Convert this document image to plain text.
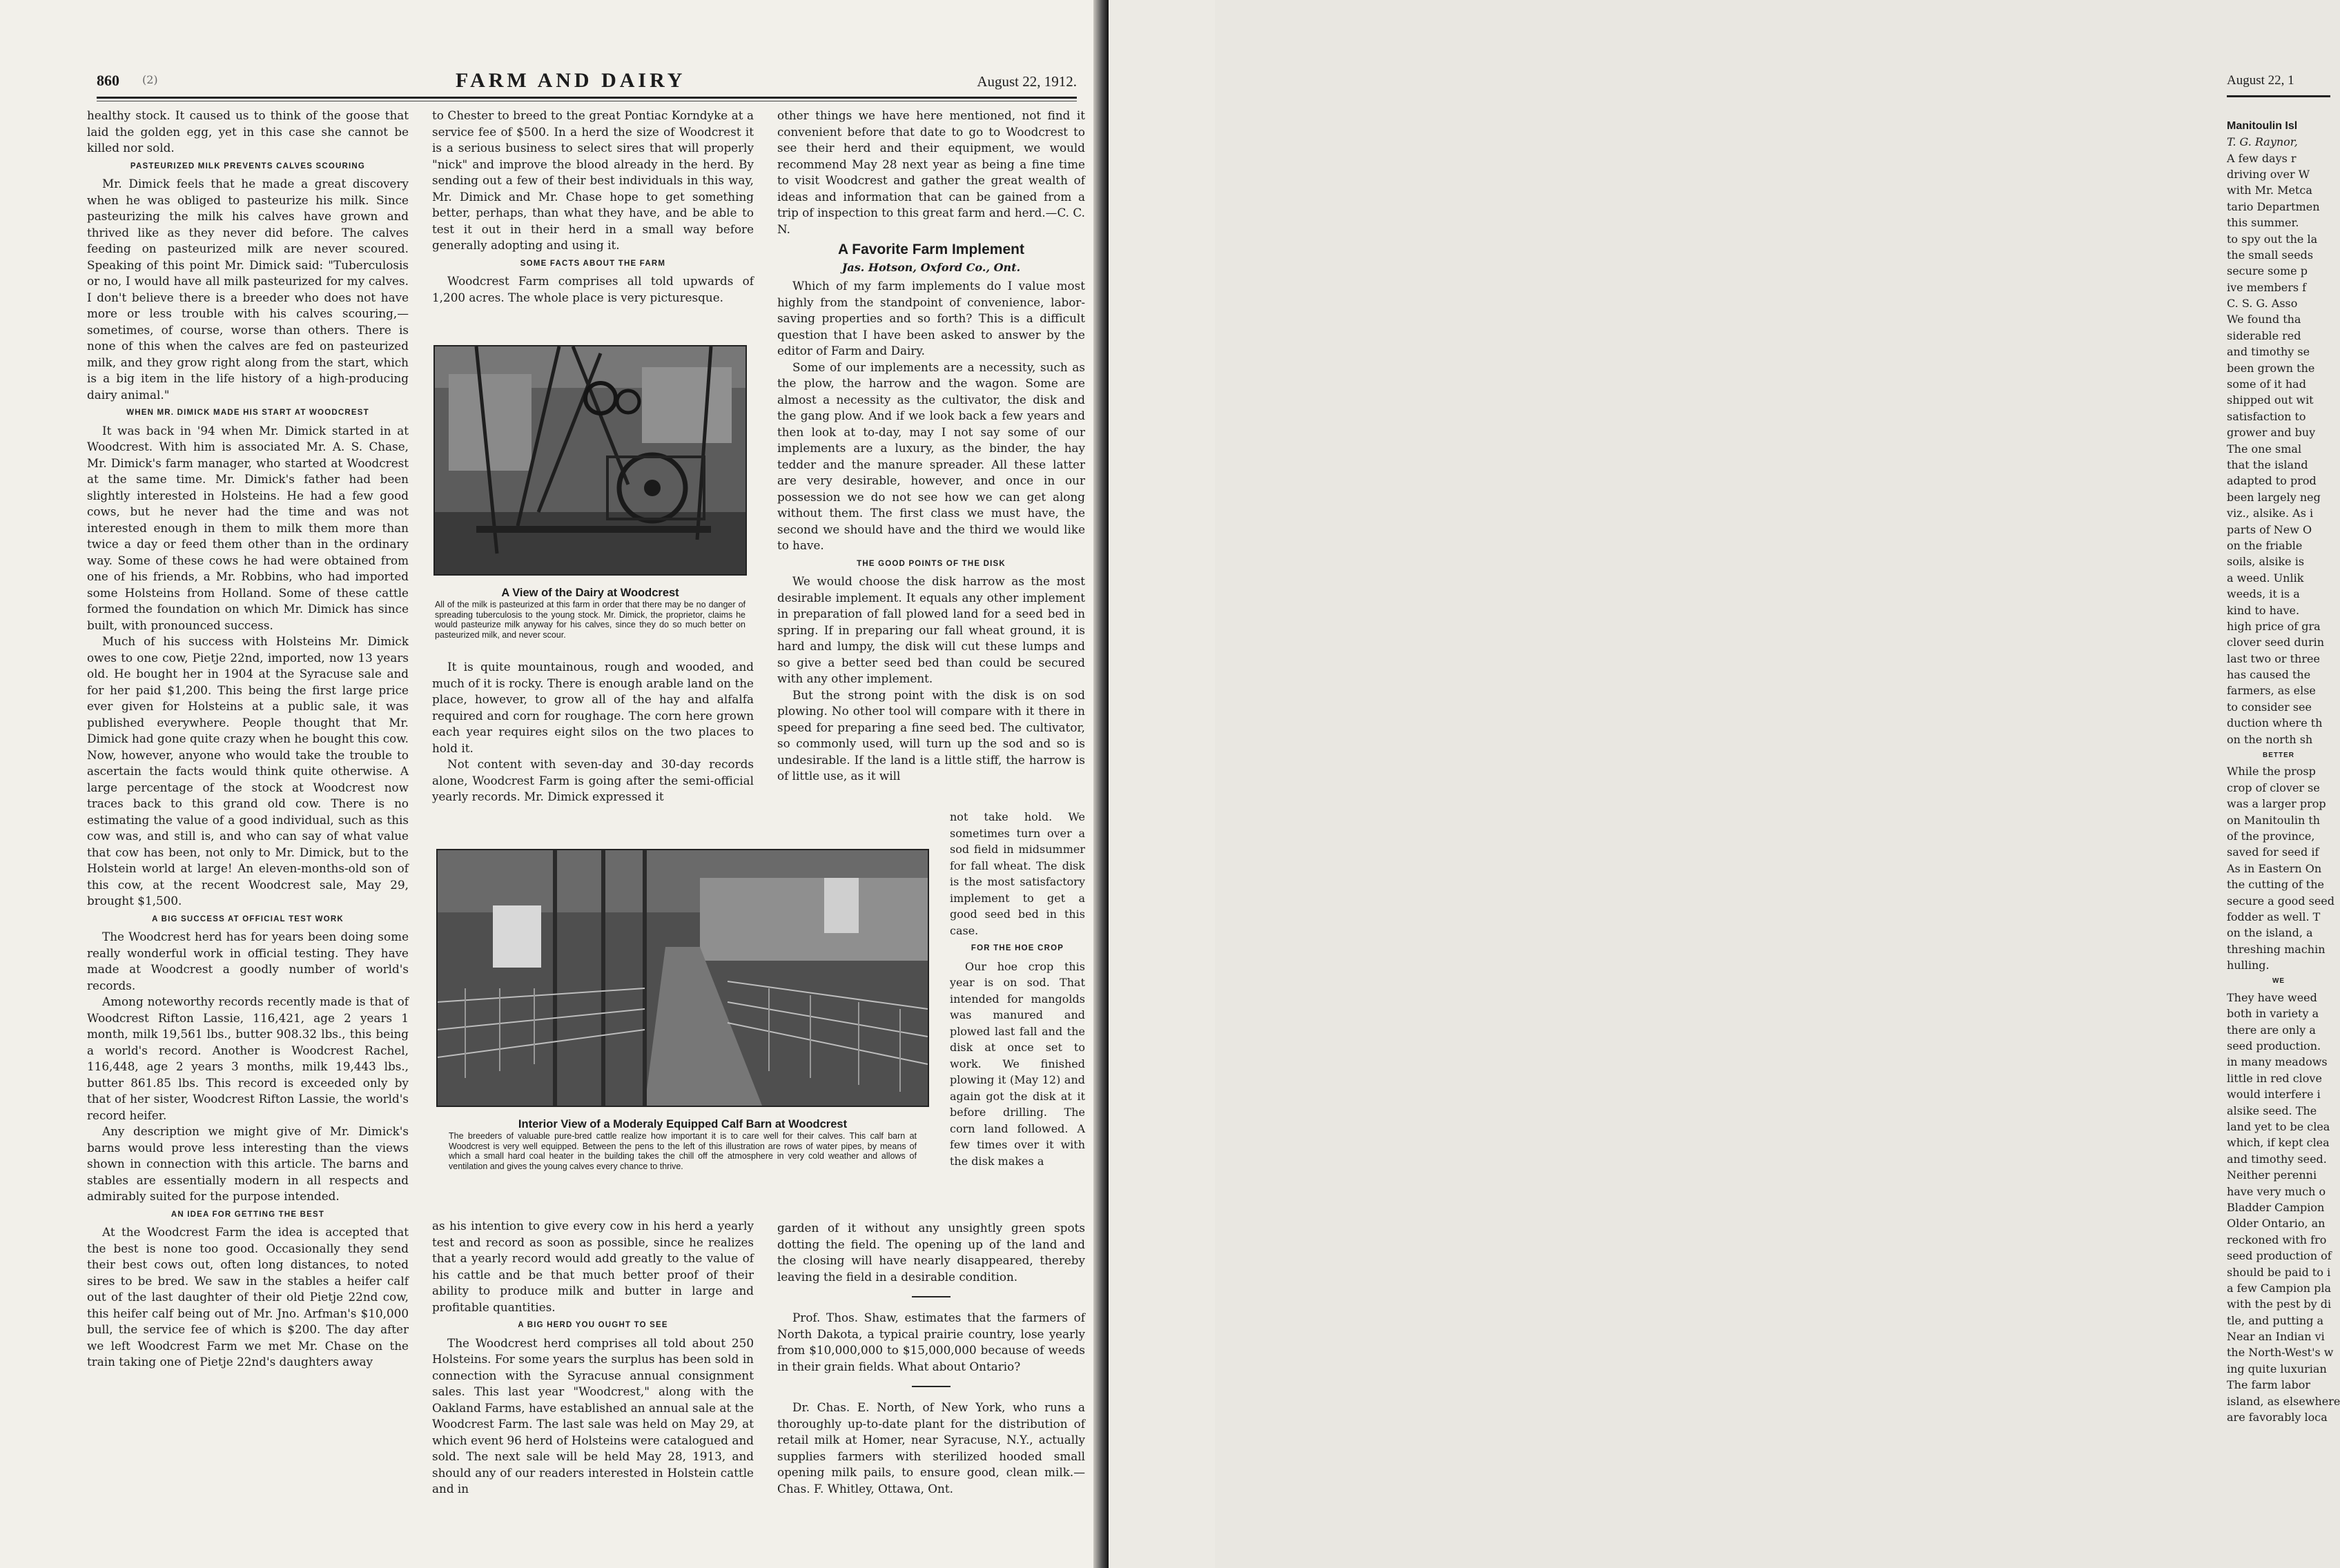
860 (2)	FARM AND DAIRY	August 22, 1912.

healthy stock. It caused us to think of the goose that laid the golden egg, yet in this case she cannot be killed nor sold.

PASTEURIZED MILK PREVENTS CALVES SCOURING

Mr. Dimick feels that he made a great discovery when he was obliged to pasteurize his milk. Since pasteurizing the milk his calves have grown and thrived like as they never did before. The calves feeding on pasteurized milk are never scoured. Speaking of this point Mr. Dimick said: "Tuberculosis or no, I would have all milk pasteurized for my calves. I don't believe there is a breeder who does not have more or less trouble with his calves scouring,—sometimes, of course, worse than others. There is none of this when the calves are fed on pasteurized milk, and they grow right along from the start, which is a big item in the life history of a high-producing dairy animal."

WHEN MR. DIMICK MADE HIS START AT WOODCREST

It was back in '94 when Mr. Dimick started in at Woodcrest. With him is associated Mr. A. S. Chase, Mr. Dimick's farm manager, who started at Woodcrest at the same time. Mr. Dimick's father had been slightly interested in Holsteins. He had a few good cows, but he never had the time and was not interested enough in them to milk them more than twice a day or feed them other than in the ordinary way. Some of these cows he had were obtained from one of his friends, a Mr. Robbins, who had imported some Holsteins from Holland. Some of these cattle formed the foundation on which Mr. Dimick has since built, with pronounced success.

Much of his success with Holsteins Mr. Dimick owes to one cow, Pietje 22nd, imported, now 13 years old. He bought her in 1904 at the Syracuse sale and for her paid $1,200. This being the first large price ever given for Holsteins at a public sale, it was published everywhere. People thought that Mr. Dimick had gone quite crazy when he bought this cow. Now, however, anyone who would take the trouble to ascertain the facts would think quite otherwise. A large percentage of the stock at Woodcrest now traces back to this grand old cow. There is no estimating the value of a good individual, such as this cow was, and still is, and who can say of what value that cow has been, not only to Mr. Dimick, but to the Holstein world at large! An eleven-months-old son of this cow, at the recent Woodcrest sale, May 29, brought $1,500.

A BIG SUCCESS AT OFFICIAL TEST WORK

The Woodcrest herd has for years been doing some really wonderful work in official testing. They have made at Woodcrest a goodly number of world's records.

Among noteworthy records recently made is that of Woodcrest Rifton Lassie, 116,421, age 2 years 1 month, milk 19,561 lbs., butter 908.32 lbs., this being a world's record. Another is Woodcrest Rachel, 116,448, age 2 years 3 months, milk 19,443 lbs., butter 861.85 lbs. This record is exceeded only by that of her sister, Woodcrest Rifton Lassie, the world's record heifer.

Any description we might give of Mr. Dimick's barns would prove less interesting than the views shown in connection with this article. The barns and stables are essentially modern in all respects and admirably suited for the purpose intended.

AN IDEA FOR GETTING THE BEST

At the Woodcrest Farm the idea is accepted that the best is none too good. Occasionally they send their best cows out, often long distances, to noted sires to be bred. We saw in the stables a heifer calf out of the last daughter of their old Pietje 22nd cow, this heifer calf being out of Mr. Jno. Arfman's $10,000 bull, the service fee of which is $200. The day after we left Woodcrest Farm we met Mr. Chase on the train taking one of Pietje 22nd's daughters away

to Chester to breed to the great Pontiac Korndyke at a service fee of $500. In a herd the size of Woodcrest it is a serious business to select sires that will properly "nick" and improve the blood already in the herd. By sending out a few of their best individuals in this way, Mr. Dimick and Mr. Chase hope to get something better, perhaps, than what they have, and be able to test it out in their herd in a small way before generally adopting and using it.

SOME FACTS ABOUT THE FARM

Woodcrest Farm comprises all told upwards of 1,200 acres. The whole place is very picturesque.

It is quite mountainous, rough and wooded, and much of it is rocky. There is enough arable land on the place, however, to grow all of the hay and alfalfa required and corn for roughage. The corn here grown each year requires eight silos on the two places to hold it.

Not content with seven-day and 30-day records alone, Woodcrest Farm is going after the semi-official yearly records. Mr. Dimick expressed it

A View of the Dairy at Woodcrest
All of the milk is pasteurized at this farm in order that there may be no danger of spreading tuberculosis to the young stock. Mr. Dimick, the proprietor, claims he would pasteurize milk anyway for his calves, since they do so much better on pasteurized milk, and never scour.
Interior View of a Moderaly Equipped Calf Barn at Woodcrest
The breeders of valuable pure-bred cattle realize how important it is to care well for their calves. This calf barn at Woodcrest is very well equipped. Between the pens to the left of this illustration are rows of water pipes, by means of which a small hard coal heater in the building takes the chill off the atmosphere in very cold weather and allows of ventilation and gives the young calves every chance to thrive.

as his intention to give every cow in his herd a yearly test and record as soon as possible, since he realizes that a yearly record would add greatly to the value of his cattle and be that much better proof of their ability to produce milk and butter in large and profitable quantities.

A BIG HERD YOU OUGHT TO SEE

The Woodcrest herd comprises all told about 250 Holsteins. For some years the surplus has been sold in connection with the Syracuse annual consignment sales. This last year "Woodcrest," along with the Oakland Farms, have established an annual sale at the Woodcrest Farm. The last sale was held on May 29, at which event 96 herd of Holsteins were catalogued and sold. The next sale will be held May 28, 1913, and should any of our readers interested in Holstein cattle and in

other things we have here mentioned, not find it convenient before that date to go to Woodcrest to see their herd and their equipment, we would recommend May 28 next year as being a fine time to visit Woodcrest and gather the great wealth of ideas and information that can be gained from a trip of inspection to this great farm and herd.—C. C. N.

A Favorite Farm Implement
Jas. Hotson, Oxford Co., Ont.

Which of my farm implements do I value most highly from the standpoint of convenience, labor-saving properties and so forth? This is a difficult question that I have been asked to answer by the editor of Farm and Dairy.

Some of our implements are a necessity, such as the plow, the harrow and the wagon. Some are almost a necessity as the cultivator, the disk and the gang plow. And if we look back a few years and then look at to-day, may I not say some of our implements are a luxury, as the binder, the hay tedder and the manure spreader. All these latter are very desirable, however, and once in our possession we do not see how we can get along without them. The first class we must have, the second we should have and the third we would like to have.

THE GOOD POINTS OF THE DISK

We would choose the disk harrow as the most desirable implement. It equals any other implement in preparation of fall plowed land for a seed bed in spring. If in preparing our fall wheat ground, it is hard and lumpy, the disk will cut these lumps and so give a better seed bed than could be secured with any other implement.

But the strong point with the disk is on sod plowing. No other tool will compare with it there in speed for preparing a fine seed bed. The cultivator, so commonly used, will turn up the sod and so is undesirable. If the land is a little stiff, the harrow is of little use, as it will

not take hold. We sometimes turn over a sod field in midsummer for fall wheat. The disk is the most satisfactory implement to get a good seed bed in this case.

FOR THE HOE CROP

Our hoe crop this year is on sod. That intended for mangolds was manured and plowed last fall and the disk at once set to work. We finished plowing it (May 12) and again got the disk at it before drilling. The corn land followed. A few times over it with the disk makes a

garden of it without any unsightly green spots dotting the field. The opening up of the land and the closing will have nearly disappeared, thereby leaving the field in a desirable condition.

Prof. Thos. Shaw, estimates that the farmers of North Dakota, a typical prairie country, lose yearly from $10,000,000 to $15,000,000 because of weeds in their grain fields. What about Ontario?

Dr. Chas. E. North, of New York, who runs a thoroughly up-to-date plant for the distribution of retail milk at Homer, near Syracuse, N.Y., actually supplies farmers with sterilized hooded small opening milk pails, to ensure good, clean milk.—Chas. F. Whitley, Ottawa, Ont.

August 22, 1
Manitoulin Isl
T. G. Raynor,
A few days r
driving over W
with Mr. Metca
tario Departmen
this summer.
to spy out the la
the small seeds
secure some p
ive members f
C. S. G. Asso
We found tha
siderable red
and timothy se
been grown the
some of it had
shipped out wit
satisfaction to
grower and buy
The one smal
that the island
adapted to prod
been largely neg
viz., alsike. As i
parts of New O
on the friable
soils, alsike is
a weed. Unlik
weeds, it is a
kind to have.
high price of gra
clover seed durin
last two or three
has caused the
farmers, as else
to consider see
duction where th
on the north sh
BETTER
While the prosp
crop of clover se
was a larger prop
on Manitoulin th
of the province,
saved for seed if
As in Eastern On
the cutting of the
secure a good seed
fodder as well. T
on the island, a
threshing machin
hulling.
WE
They have weed
both in variety a
there are only a
seed production.
in many meadows
little in red clove
would interfere i
alsike seed. The
land yet to be clea
which, if kept clea
and timothy seed.
Neither perenni
have very much o
Bladder Campion
Older Ontario, an
reckoned with fro
seed production of
should be paid to i
a few Campion pla
with the pest by di
tle, and putting a
Near an Indian vi
the North-West's w
ing quite luxurian
The farm labor
island, as elsewhere
are favorably loca
